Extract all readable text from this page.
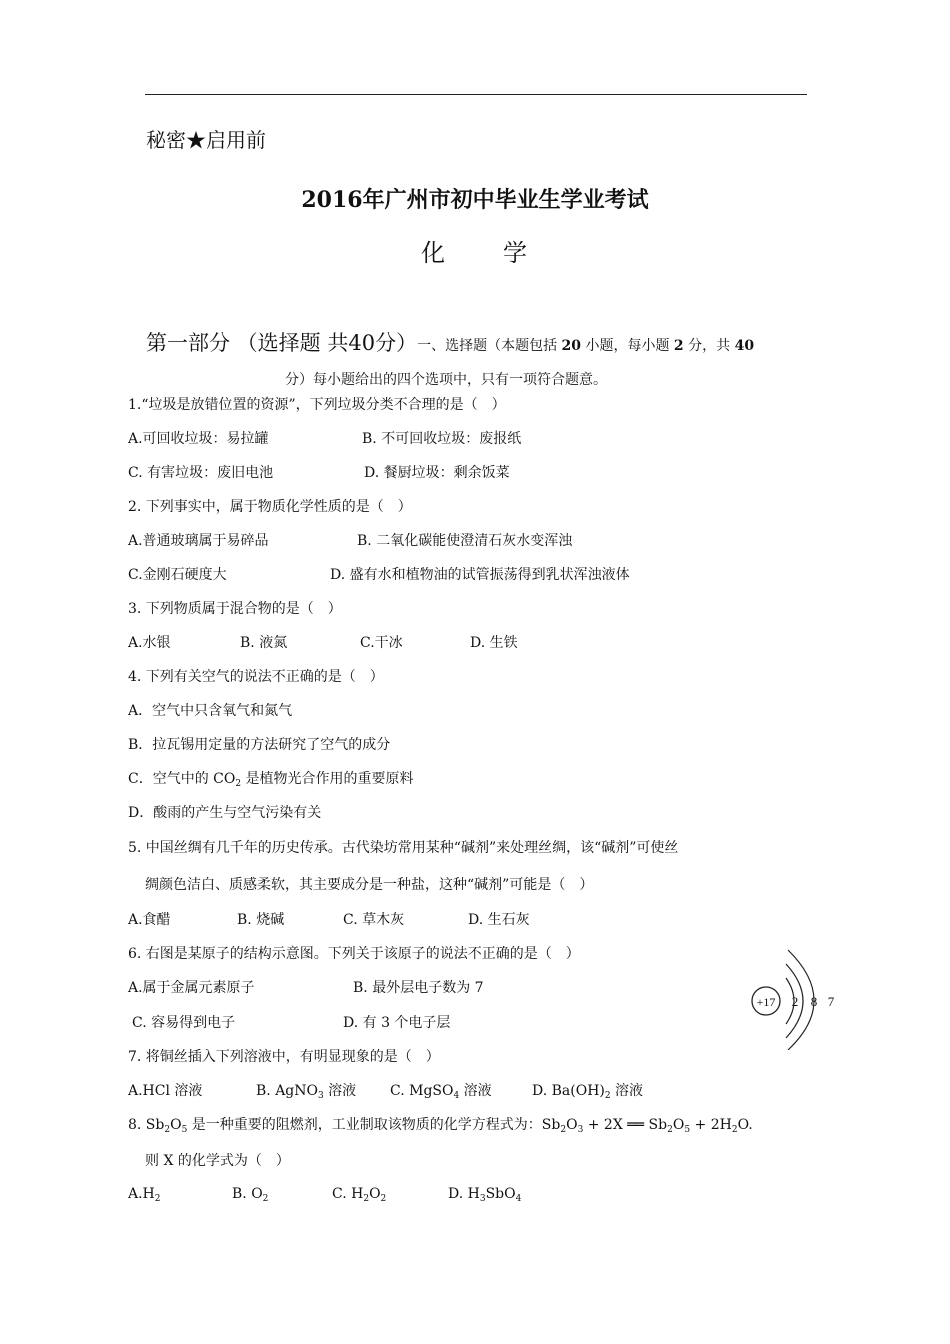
秘密★启用前
2016年广州市初中毕业生学业考试
化 学
第一部分 （选择题 共40分）一、选择题（本题包括 20 小题，每小题 2 分，共 40
分）每小题给出的四个选项中，只有一项符合题意。
1.“垃圾是放错位置的资源”，下列垃圾分类不合理的是（　）
A.可回收垃圾：易拉罐	B. 不可回收垃圾：废报纸
C. 有害垃圾：废旧电池	D. 餐厨垃圾：剩余饭菜
2. 下列事实中，属于物质化学性质的是（　）
A.普通玻璃属于易碎品	B. 二氧化碳能使澄清石灰水变浑浊
C.金刚石硬度大	D. 盛有水和植物油的试管振荡得到乳状浑浊液体
3. 下列物质属于混合物的是（　）
A.水银	B. 液氮	C.干冰	D. 生铁
4. 下列有关空气的说法不正确的是（　）
A．空气中只含氧气和氮气
B．拉瓦锡用定量的方法研究了空气的成分
C．空气中的 $CO_2$ 是植物光合作用的重要原料
D．酸雨的产生与空气污染有关
5. 中国丝绸有几千年的历史传承。古代染坊常用某种“碱剂”来处理丝绸，该“碱剂”可使丝
绸颜色洁白、质感柔软，其主要成分是一种盐，这种“碱剂”可能是（　）
A.食醋	B. 烧碱	C. 草木灰	D. 生石灰
6. 右图是某原子的结构示意图。下列关于该原子的说法不正确的是（　）
A.属于金属元素原子	B. 最外层电子数为 7
C. 容易得到电子	D. 有 3 个电子层
+17 2 8 7
7. 将铜丝插入下列溶液中，有明显现象的是（　）
A.HCl 溶液	B. AgNO$_3$ 溶液 C. MgSO$_4$ 溶液	D. $Ba(OH)_2$ 溶液
8. $Sb_2O_5$ 是一种重要的阻燃剂，工业制取该物质的化学方程式为：$Sb_2O_3 + 2X$ ══ $Sb_2O_5 + 2H_2O$.
则 X 的化学式为（　）
$A.H_2$	B. $O_2$	C. $H_2O_2$	D. $H_3SbO_4$
